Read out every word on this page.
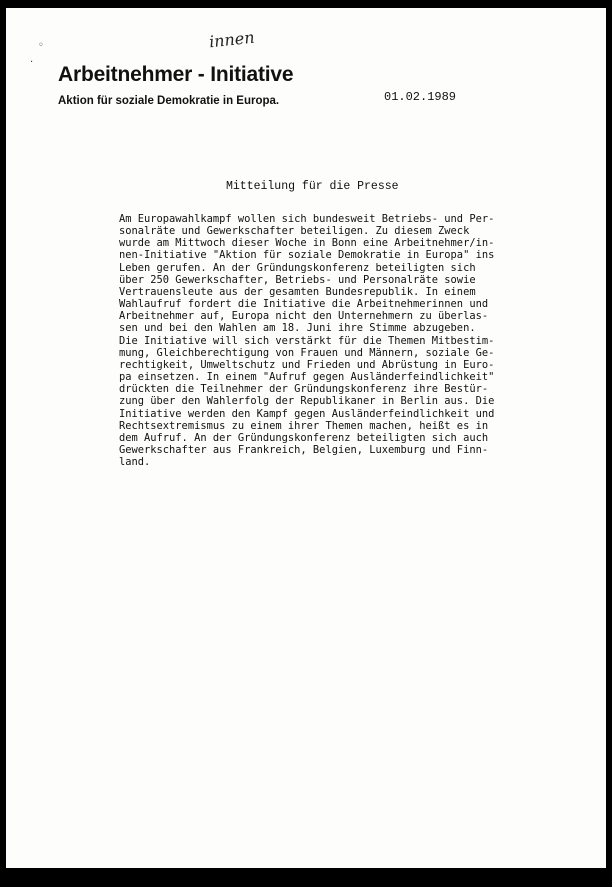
◦
·
innen
Arbeitnehmer - Initiative
Aktion für soziale Demokratie in Europa.	01.02.1989
Mitteilung für die Presse
Am Europawahlkampf wollen sich bundesweit Betriebs- und Per-
sonalräte und Gewerkschafter beteiligen. Zu diesem Zweck
wurde am Mittwoch dieser Woche in Bonn eine Arbeitnehmer/in-
nen-Initiative "Aktion für soziale Demokratie in Europa" ins
Leben gerufen. An der Gründungskonferenz beteiligten sich
über 250 Gewerkschafter, Betriebs- und Personalräte sowie
Vertrauensleute aus der gesamten Bundesrepublik. In einem
Wahlaufruf fordert die Initiative die Arbeitnehmerinnen und
Arbeitnehmer auf, Europa nicht den Unternehmern zu überlas-
sen und bei den Wahlen am 18. Juni ihre Stimme abzugeben.
Die Initiative will sich verstärkt für die Themen Mitbestim-
mung, Gleichberechtigung von Frauen und Männern, soziale Ge-
rechtigkeit, Umweltschutz und Frieden und Abrüstung in Euro-
pa einsetzen. In einem "Aufruf gegen Ausländerfeindlichkeit"
drückten die Teilnehmer der Gründungskonferenz ihre Bestür-
zung über den Wahlerfolg der Republikaner in Berlin aus. Die
Initiative werden den Kampf gegen Ausländerfeindlichkeit und
Rechtsextremismus zu einem ihrer Themen machen, heißt es in
dem Aufruf. An der Gründungskonferenz beteiligten sich auch
Gewerkschafter aus Frankreich, Belgien, Luxemburg und Finn-
land.
